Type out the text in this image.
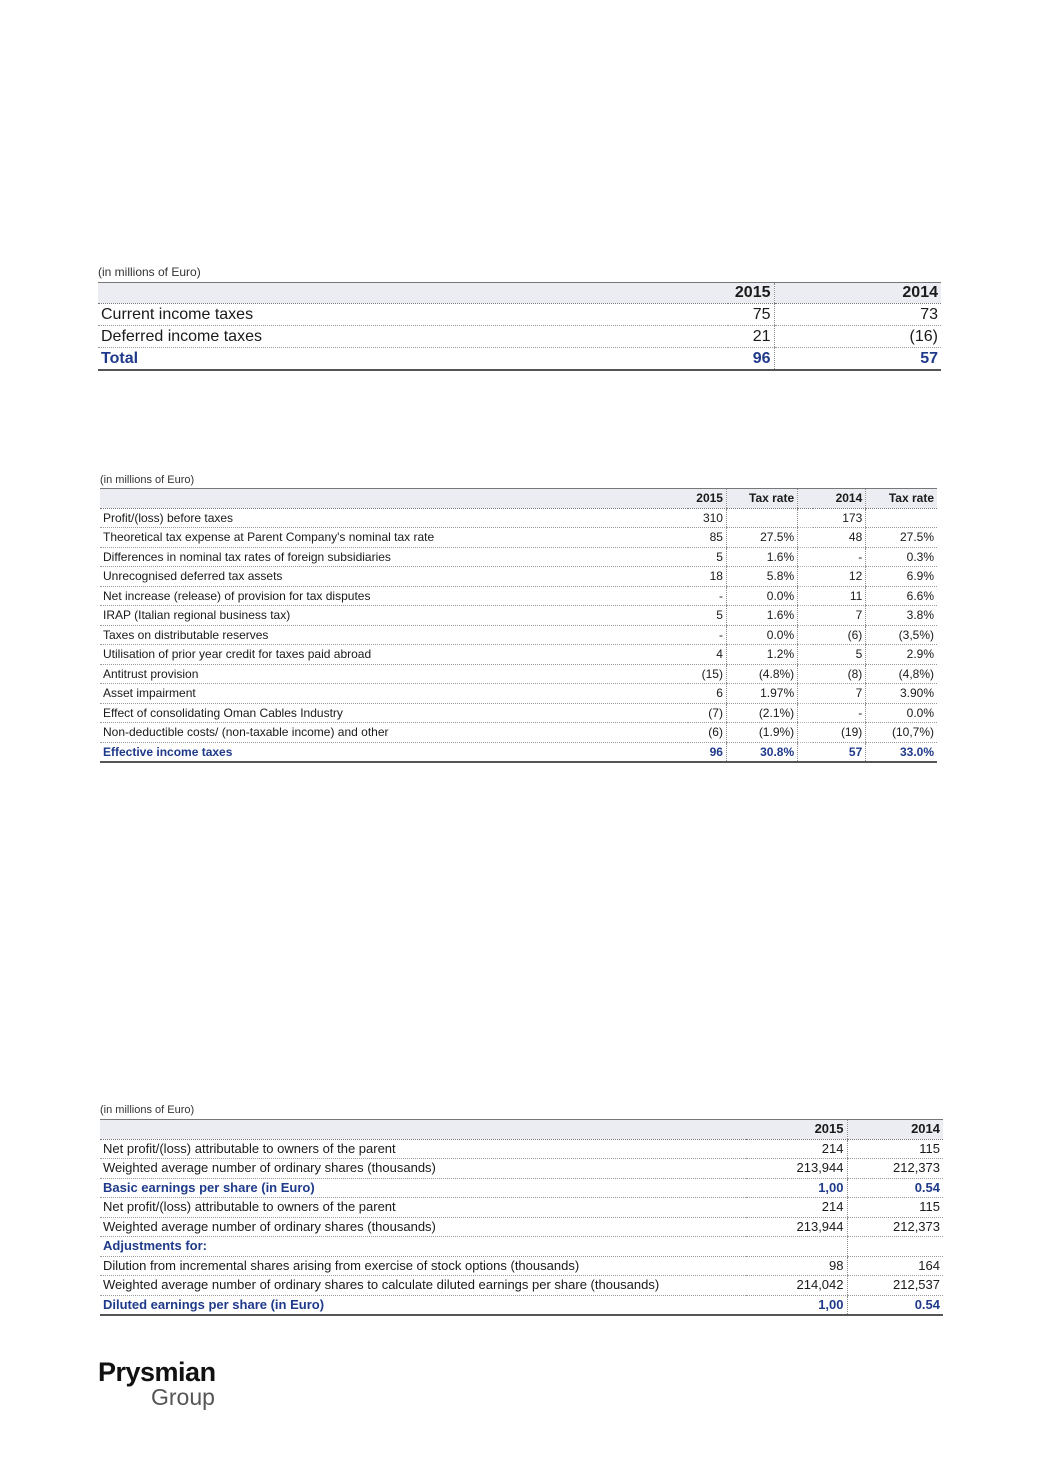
(in millions of Euro)
	2015	2014
Current income taxes	75	73
Deferred income taxes	21	(16)
Total	96	57
(in millions of Euro)
	2015	Tax rate		2014	Tax rate
Profit/(loss) before taxes	310			173	
Theoretical tax expense at Parent Company's nominal tax rate	85	27.5%		48	27.5%
Differences in nominal tax rates of foreign subsidiaries	5	1.6%		-	0.3%
Unrecognised deferred tax assets	18	5.8%		12	6.9%
Net increase (release) of provision for tax disputes	-	0.0%		11	6.6%
IRAP (Italian regional business tax)	5	1.6%		7	3.8%
Taxes on distributable reserves	-	0.0%		(6)	(3,5%)
Utilisation of prior year credit for taxes paid abroad	4	1.2%		5	2.9%
Antitrust provision	(15)	(4.8%)		(8)	(4,8%)
Asset impairment	6	1.97%		7	3.90%
Effect of consolidating Oman Cables Industry	(7)	(2.1%)		-	0.0%
Non-deductible costs/ (non-taxable income) and other	(6)	(1.9%)		(19)	(10,7%)
Effective income taxes	96	30.8%		57	33.0%
(in millions of Euro)
	2015	2014
Net profit/(loss) attributable to owners of the parent	214	115
Weighted average number of ordinary shares (thousands)	213,944	212,373
Basic earnings per share (in Euro)	1,00	0.54
Net profit/(loss) attributable to owners of the parent	214	115
Weighted average number of ordinary shares (thousands)	213,944	212,373
Adjustments for:		
Dilution from incremental shares arising from exercise of stock options (thousands)	98	164
Weighted average number of ordinary shares to calculate diluted earnings per share (thousands)	214,042	212,537
Diluted earnings per share (in Euro)	1,00	0.54
Prysmian
Group
